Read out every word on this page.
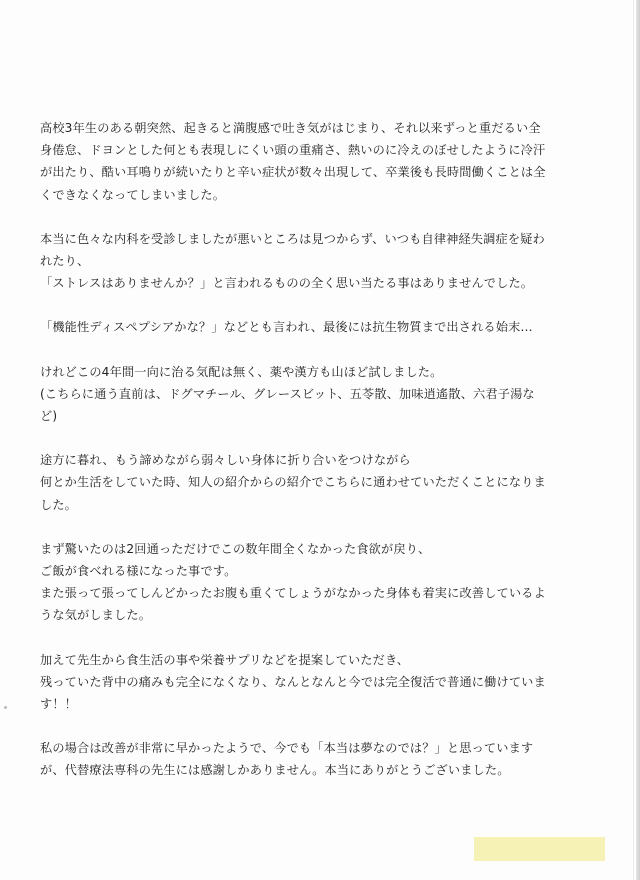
高校3年生のある朝突然、起きると満腹感で吐き気がはじまり、それ以来ずっと重だるい全
身倦怠、ドヨンとした何とも表現しにくい頭の重痛さ、熱いのに冷えのぼせしたように冷汗
が出たり、酷い耳鳴りが続いたりと辛い症状が数々出現して、卒業後も長時間働くことは全
くできなくなってしまいました。

本当に色々な内科を受診しましたが悪いところは見つからず、いつも自律神経失調症を疑わ
れたり、
「ストレスはありませんか？」と言われるものの全く思い当たる事はありませんでした。

「機能性ディスペプシアかな？」などとも言われ、最後には抗生物質まで出される始末…

けれどこの4年間一向に治る気配は無く、薬や漢方も山ほど試しました。
(こちらに通う直前は、ドグマチール、グレースビット、五苓散、加味逍遙散、六君子湯な
ど)

途方に暮れ、もう諦めながら弱々しい身体に折り合いをつけながら
何とか生活をしていた時、知人の紹介からの紹介でこちらに通わせていただくことになりま
した。

まず驚いたのは2回通っただけでこの数年間全くなかった食欲が戻り、
ご飯が食べれる様になった事です。
また張って張ってしんどかったお腹も重くてしょうがなかった身体も着実に改善しているよ
うな気がしました。

加えて先生から食生活の事や栄養サプリなどを提案していただき、
残っていた背中の痛みも完全になくなり、なんとなんと今では完全復活で普通に働けていま
す！！

私の場合は改善が非常に早かったようで、今でも「本当は夢なのでは？」と思っています
が、代替療法専科の先生には感謝しかありません。本当にありがとうございました。
